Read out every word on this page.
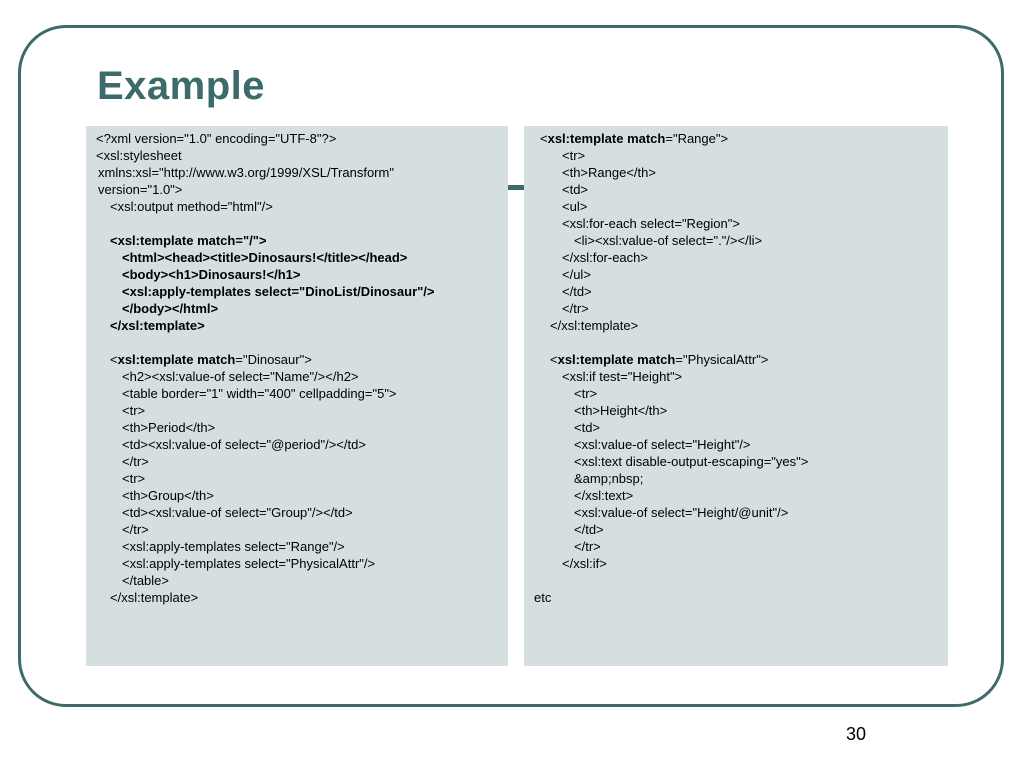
Example
<?xml version="1.0" encoding="UTF-8"?>
<xsl:stylesheet
xmlns:xsl="http://www.w3.org/1999/XSL/Transform"
version="1.0">
<xsl:output method="html"/>
<xsl:template match="/">
<html><head><title>Dinosaurs!</title></head>
<body><h1>Dinosaurs!</h1>
<xsl:apply-templates select="DinoList/Dinosaur"/>
</body></html>
</xsl:template>
<xsl:template match="Dinosaur">
<h2><xsl:value-of select="Name"/></h2>
<table border="1" width="400" cellpadding="5">
<tr>
<th>Period</th>
<td><xsl:value-of select="@period"/></td>
</tr>
<tr>
<th>Group</th>
<td><xsl:value-of select="Group"/></td>
</tr>
<xsl:apply-templates select="Range"/>
<xsl:apply-templates select="PhysicalAttr"/>
</table>
</xsl:template>
<xsl:template match="Range">
<tr>
<th>Range</th>
<td>
<ul>
<xsl:for-each select="Region">
<li><xsl:value-of select="."/></li>
</xsl:for-each>
</ul>
</td>
</tr>
</xsl:template>
<xsl:template match="PhysicalAttr">
<xsl:if test="Height">
<tr>
<th>Height</th>
<td>
<xsl:value-of select="Height"/>
<xsl:text disable-output-escaping="yes">
&amp;nbsp;
</xsl:text>
<xsl:value-of select="Height/@unit"/>
</td>
</tr>
</xsl:if>
etc
30
